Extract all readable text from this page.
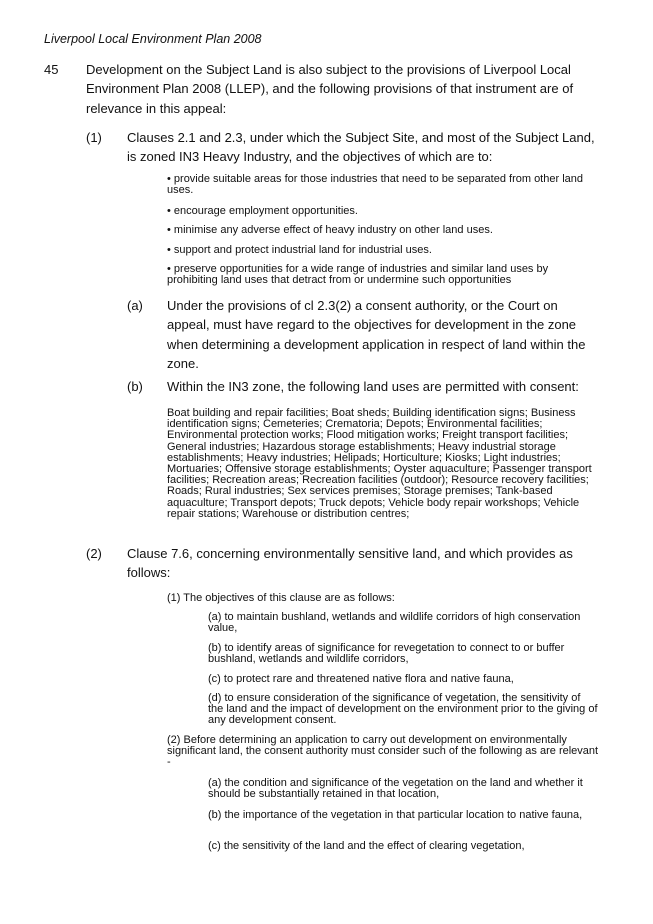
Liverpool Local Environment Plan 2008
45 Development on the Subject Land is also subject to the provisions of Liverpool Local Environment Plan 2008 (LLEP), and the following provisions of that instrument are of relevance in this appeal:
(1) Clauses 2.1 and 2.3, under which the Subject Site, and most of the Subject Land, is zoned IN3 Heavy Industry, and the objectives of which are to:
• provide suitable areas for those industries that need to be separated from other land uses.
• encourage employment opportunities.
• minimise any adverse effect of heavy industry on other land uses.
• support and protect industrial land for industrial uses.
• preserve opportunities for a wide range of industries and similar land uses by prohibiting land uses that detract from or undermine such opportunities
(a) Under the provisions of cl 2.3(2) a consent authority, or the Court on appeal, must have regard to the objectives for development in the zone when determining a development application in respect of land within the zone.
(b) Within the IN3 zone, the following land uses are permitted with consent:
Boat building and repair facilities; Boat sheds; Building identification signs; Business identification signs; Cemeteries; Crematoria; Depots; Environmental facilities; Environmental protection works; Flood mitigation works; Freight transport facilities; General industries; Hazardous storage establishments; Heavy industrial storage establishments; Heavy industries; Helipads; Horticulture; Kiosks; Light industries; Mortuaries; Offensive storage establishments; Oyster aquaculture; Passenger transport facilities; Recreation areas; Recreation facilities (outdoor); Resource recovery facilities; Roads; Rural industries; Sex services premises; Storage premises; Tank-based aquaculture; Transport depots; Truck depots; Vehicle body repair workshops; Vehicle repair stations; Warehouse or distribution centres;
(2) Clause 7.6, concerning environmentally sensitive land, and which provides as follows:
(1) The objectives of this clause are as follows:
(a) to maintain bushland, wetlands and wildlife corridors of high conservation value,
(b) to identify areas of significance for revegetation to connect to or buffer bushland, wetlands and wildlife corridors,
(c) to protect rare and threatened native flora and native fauna,
(d) to ensure consideration of the significance of vegetation, the sensitivity of the land and the impact of development on the environment prior to the giving of any development consent.
(2) Before determining an application to carry out development on environmentally significant land, the consent authority must consider such of the following as are relevant -
(a) the condition and significance of the vegetation on the land and whether it should be substantially retained in that location,
(b) the importance of the vegetation in that particular location to native fauna,
(c) the sensitivity of the land and the effect of clearing vegetation,
